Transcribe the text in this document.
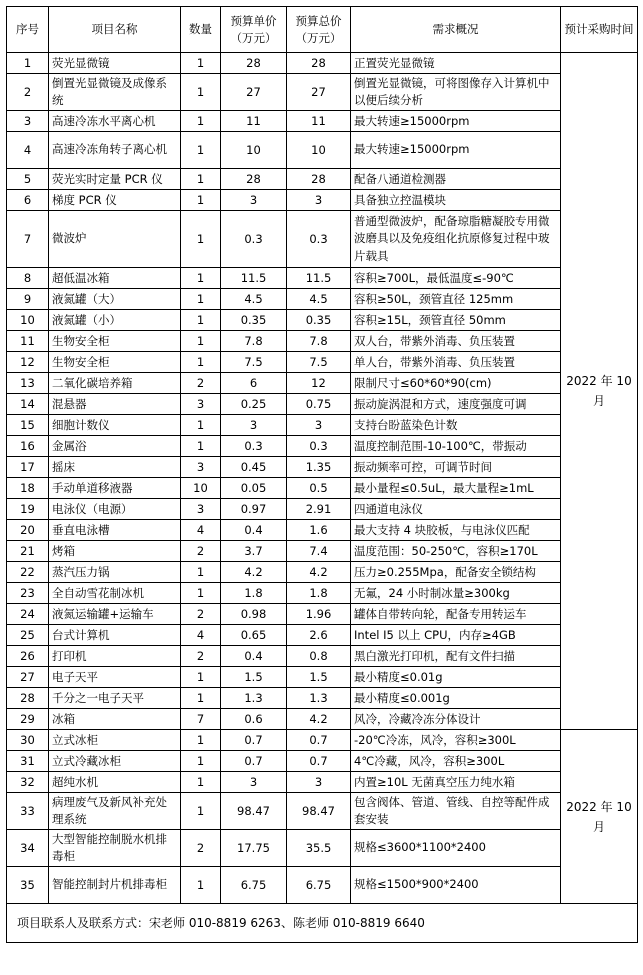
序号	项目名称	数量	预算单价（万元）	预算总价（万元）	需求概况	预计采购时间
1	荧光显微镜	1	28	28	正置荧光显微镜	2022 年 10 月
2	倒置光显微镜及成像系统	1	27	27	倒置光显微镜，可将图像存入计算机中以便后续分析	
3	高速冷冻水平离心机	1	11	11	最大转速≥15000rpm	
4	高速冷冻角转子离心机	1	10	10	最大转速≥15000rpm	
5	荧光实时定量 PCR 仪	1	28	28	配备八通道检测器	
6	梯度 PCR 仪	1	3	3	具备独立控温模块	
7	微波炉	1	0.3	0.3	普通型微波炉，配备琼脂糖凝胶专用微波磨具以及免疫组化抗原修复过程中玻片载具	
8	超低温冰箱	1	11.5	11.5	容积≥700L，最低温度≤-90℃	
9	液氮罐（大）	1	4.5	4.5	容积≥50L，颈管直径 125mm	
10	液氮罐（小）	1	0.35	0.35	容积≥15L，颈管直径 50mm	
11	生物安全柜	1	7.8	7.8	双人台，带紫外消毒、负压装置	
12	生物安全柜	1	7.5	7.5	单人台，带紫外消毒、负压装置	
13	二氧化碳培养箱	2	6	12	限制尺寸≤60*60*90(cm)	
14	混悬器	3	0.25	0.75	振动旋涡混和方式，速度强度可调	
15	细胞计数仪	1	3	3	支持台盼蓝染色计数	
16	金属浴	1	0.3	0.3	温度控制范围-10-100℃，带振动	
17	摇床	3	0.45	1.35	振动频率可控，可调节时间	
18	手动单道移液器	10	0.05	0.5	最小量程≤0.5uL，最大量程≥1mL	
19	电泳仪（电源）	3	0.97	2.91	四通道电泳仪	
20	垂直电泳槽	4	0.4	1.6	最大支持 4 块胶板，与电泳仪匹配	
21	烤箱	2	3.7	7.4	温度范围：50-250℃，容积≥170L	
22	蒸汽压力锅	1	4.2	4.2	压力≥0.255Mpa，配备安全锁结构	
23	全自动雪花制冰机	1	1.8	1.8	无氟，24 小时制冰量≥300kg	
24	液氮运输罐+运输车	2	0.98	1.96	罐体自带转向轮，配备专用转运车	
25	台式计算机	4	0.65	2.6	Intel I5 以上 CPU，内存≥4GB	
26	打印机	2	0.4	0.8	黑白激光打印机，配有文件扫描	
27	电子天平	1	1.5	1.5	最小精度≤0.01g	
28	千分之一电子天平	1	1.3	1.3	最小精度≤0.001g	
29	冰箱	7	0.6	4.2	风冷，冷藏冷冻分体设计	
30	立式冰柜	1	0.7	0.7	-20℃冷冻，风冷，容积≥300L	2022 年 10 月
31	立式冷藏冰柜	1	0.7	0.7	4℃冷藏，风冷，容积≥300L	
32	超纯水机	1	3	3	内置≥10L 无菌真空压力纯水箱	
33	病理废气及新风补充处理系统	1	98.47	98.47	包含阀体、管道、管线、自控等配件成套安装	
34	大型智能控制脱水机排毒柜	2	17.75	35.5	规格≤3600*1100*2400	
35	智能控制封片机排毒柜	1	6.75	6.75	规格≤1500*900*2400	
项目联系人及联系方式：宋老师 010-8819 6263、陈老师 010-8819 6640						
